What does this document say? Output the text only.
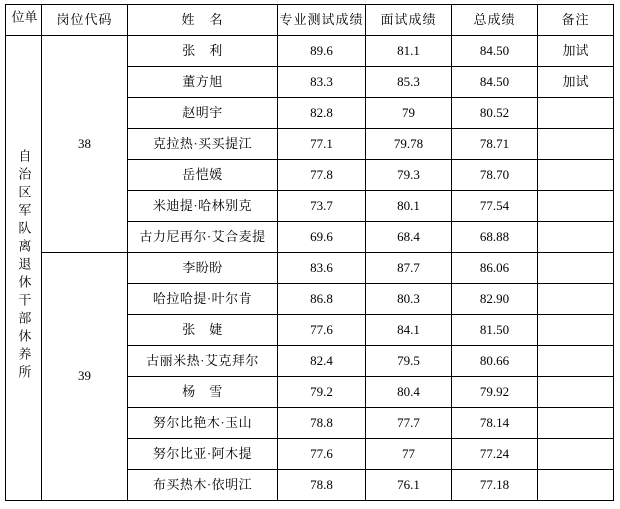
单位	岗位代码	姓　名	专业测试成绩	面试成绩	总成绩	备注
自治区军队离退休干部休养所	38	张　利	89.6	81.1	84.50	加试
		董方旭	83.3	85.3	84.50	加试
		赵明宇	82.8	79	80.52	
		克拉热·买买提江	77.1	79.78	78.71	
		岳恺媛	77.8	79.3	78.70	
		米迪提·哈林别克	73.7	80.1	77.54	
		古力尼再尔·艾合麦提	69.6	68.4	68.88	
	39	李盼盼	83.6	87.7	86.06	
		哈拉哈提·叶尔肯	86.8	80.3	82.90	
		张　婕	77.6	84.1	81.50	
		古丽米热·艾克拜尔	82.4	79.5	80.66	
		杨　雪	79.2	80.4	79.92	
		努尔比艳木·玉山	78.8	77.7	78.14	
		努尔比亚·阿木提	77.6	77	77.24	
		布买热木·依明江	78.8	76.1	77.18	
